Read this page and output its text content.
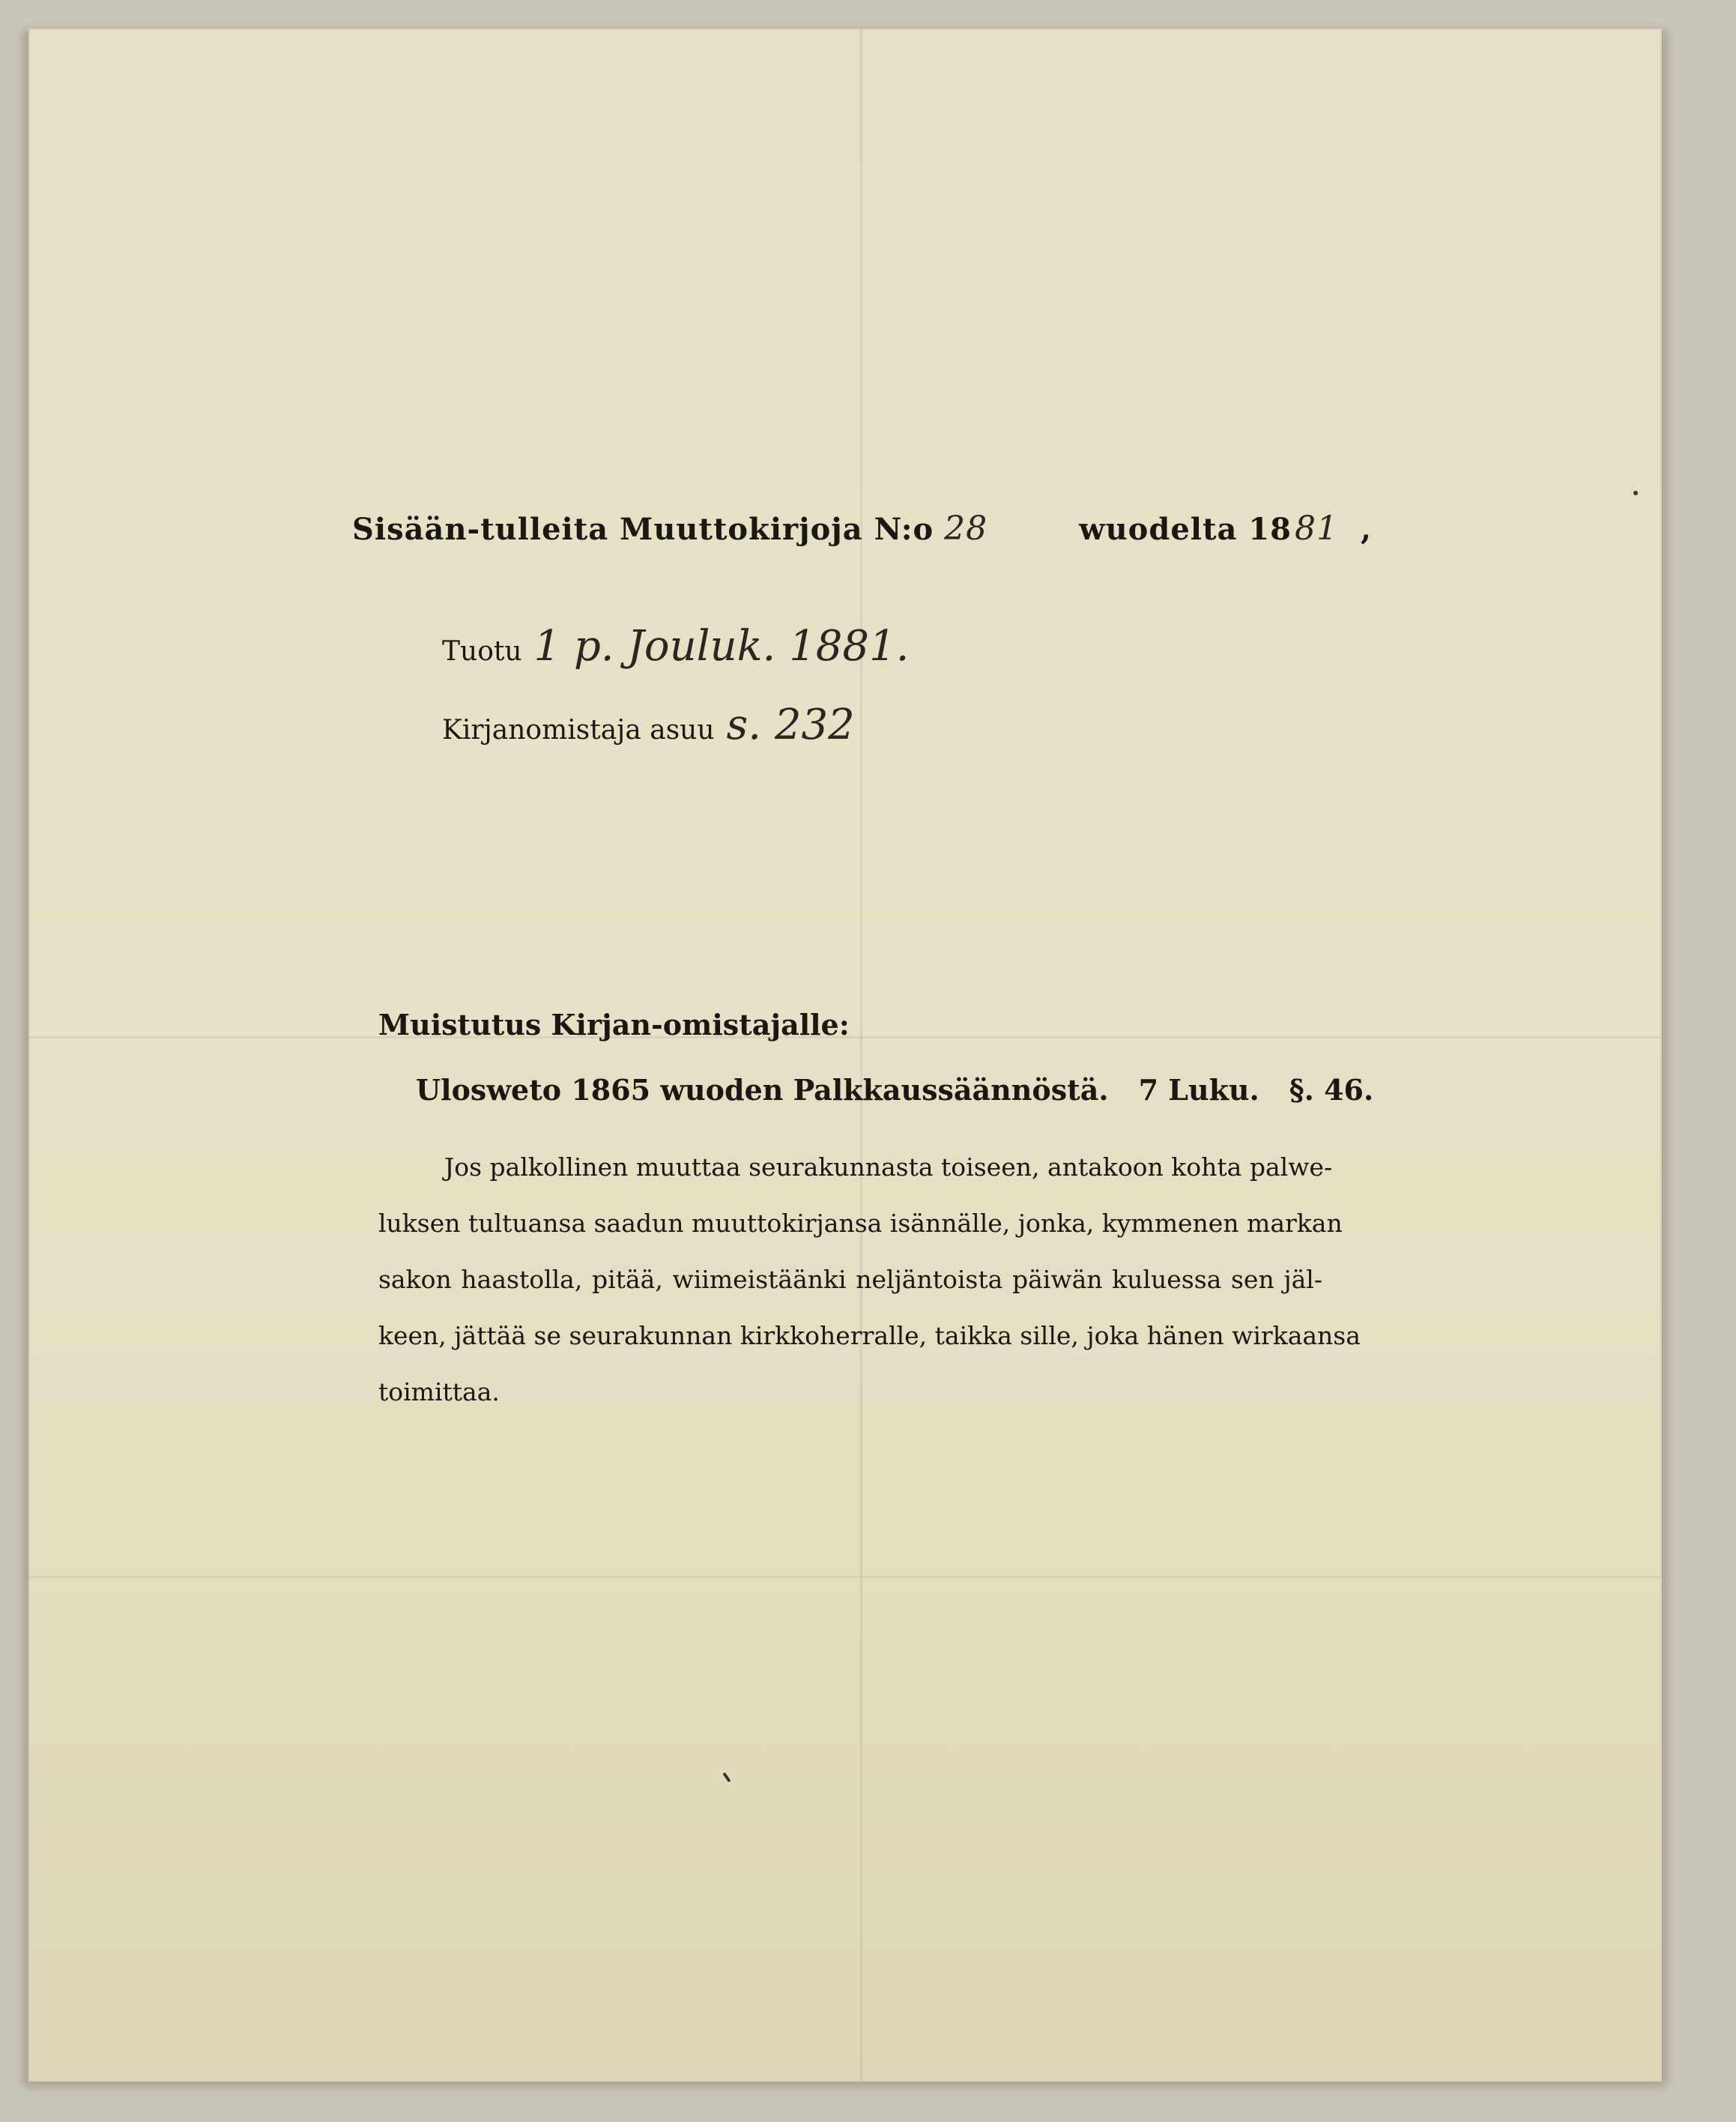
Sisään-tulleita Muuttokirjoja N:o 28	wuodelta 1881 ,
Tuotu 1 p. Jouluk. 1881.
Kirjanomistaja asuu s. 232
Muistutus Kirjan-omistajalle:
Ulosweto 1865 wuoden Palkkaussäännöstä. 7 Luku. §. 46.
Jos palkollinen muuttaa seurakunnasta toiseen, antakoon kohta palwe-
luksen tultuansa saadun muuttokirjansa isännälle, jonka, kymmenen markan
sakon haastolla, pitää, wiimeistäänki neljäntoista päiwän kuluessa sen jäl-
keen, jättää se seurakunnan kirkkoherralle, taikka sille, joka hänen wirkaansa
toimittaa.
